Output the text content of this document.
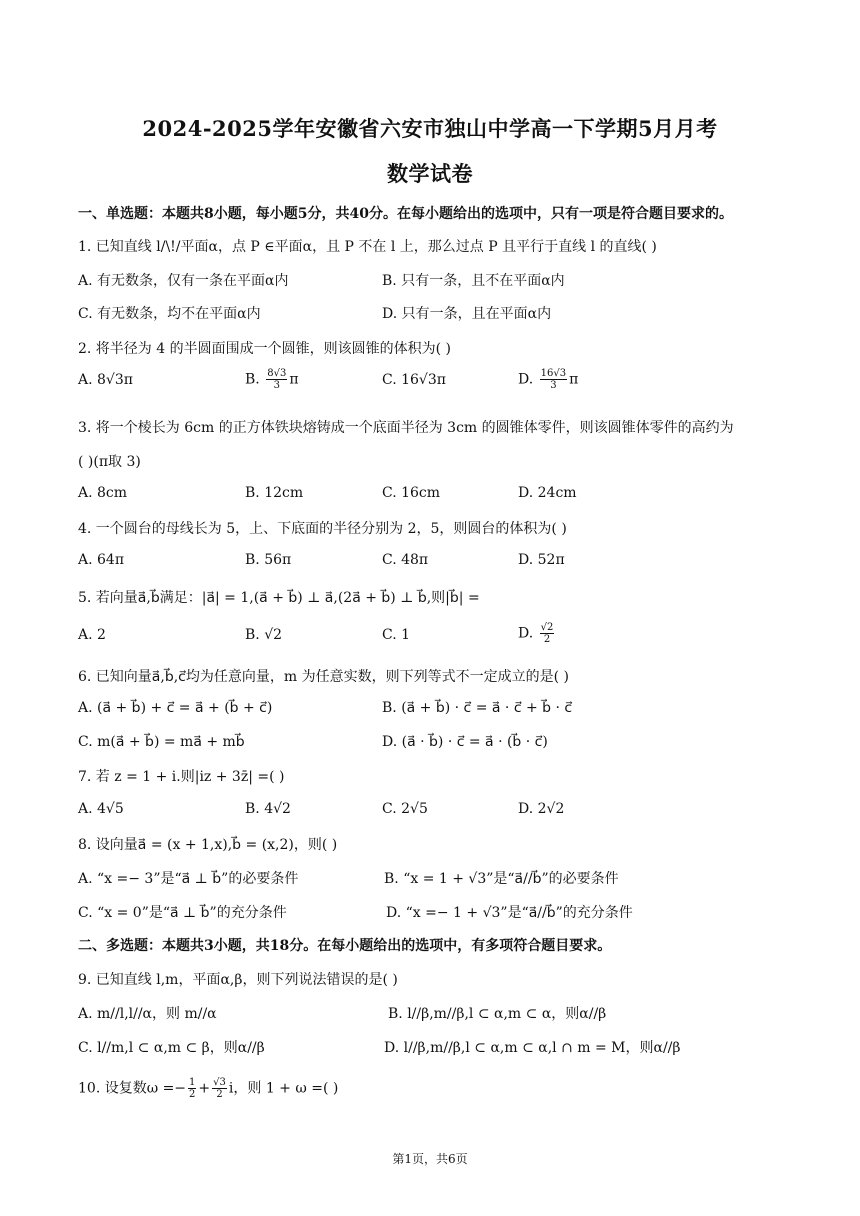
2024-2025学年安徽省六安市独山中学高一下学期5月月考
数学试卷
一、单选题：本题共8小题，每小题5分，共40分。在每小题给出的选项中，只有一项是符合题目要求的。
1. 已知直线 l/\!/平面α，点 P ∈平面α，且 P 不在 l 上，那么过点 P 且平行于直线 l 的直线( )
A. 有无数条，仅有一条在平面α内	B. 只有一条，且不在平面α内
C. 有无数条，均不在平面α内	D. 只有一条，且在平面α内
2. 将半径为 4 的半圆面围成一个圆锥，则该圆锥的体积为( )
A. 8√3π	B. $\frac{8√3}{3}$ π	C. 16√3π	D. $\frac{16√3}{3}$ π
3. 将一个棱长为 6cm 的正方体铁块熔铸成一个底面半径为 3cm 的圆锥体零件，则该圆锥体零件的高约为
( )(π取 3)
A. 8cm	B. 12cm	C. 16cm	D. 24cm
4. 一个圆台的母线长为 5，上、下底面的半径分别为 2，5，则圆台的体积为( )
A. 64π	B. 56π	C. 48π	D. 52π
5. 若向量a⃗,b⃗满足：|a⃗| = 1,(a⃗ + b⃗) ⊥ a⃗,(2a⃗ + b⃗) ⊥ b⃗,则|b⃗| =
A. 2	B. √2	C. 1	D. $\frac{√2}{2}$
6. 已知向量a⃗,b⃗,c⃗均为任意向量，m 为任意实数，则下列等式不一定成立的是( )
A. (a⃗ + b⃗) + c⃗ = a⃗ + (b⃗ + c⃗)	B. (a⃗ + b⃗) · c⃗ = a⃗ · c⃗ + b⃗ · c⃗
C. m(a⃗ + b⃗) = ma⃗ + mb⃗	D. (a⃗ · b⃗) · c⃗ = a⃗ · (b⃗ · c⃗)
7. 若 z = 1 + i.则|iz + 3z̄| =( )
A. 4√5	B. 4√2	C. 2√5	D. 2√2
8. 设向量a⃗ = (x + 1,x),b⃗ = (x,2)，则( )
A. “x =− 3”是“a⃗ ⊥ b⃗”的必要条件	B. “x = 1 + √3”是“a⃗//b⃗”的必要条件
C. “x = 0”是“a⃗ ⊥ b⃗”的充分条件	D. “x =− 1 + √3”是“a⃗//b⃗”的充分条件
二、多选题：本题共3小题，共18分。在每小题给出的选项中，有多项符合题目要求。
9. 已知直线 l,m，平面α,β，则下列说法错误的是( )
A. m//l,l//α，则 m//α	B. l//β,m//β,l ⊂ α,m ⊂ α，则α//β
C. l//m,l ⊂ α,m ⊂ β，则α//β	D. l//β,m//β,l ⊂ α,m ⊂ α,l ∩ m = M，则α//β
10. 设复数$\omega =- \frac{1}{2} + \frac{√3}{2}$ i，则 1 + ω =( )
第1页，共6页
